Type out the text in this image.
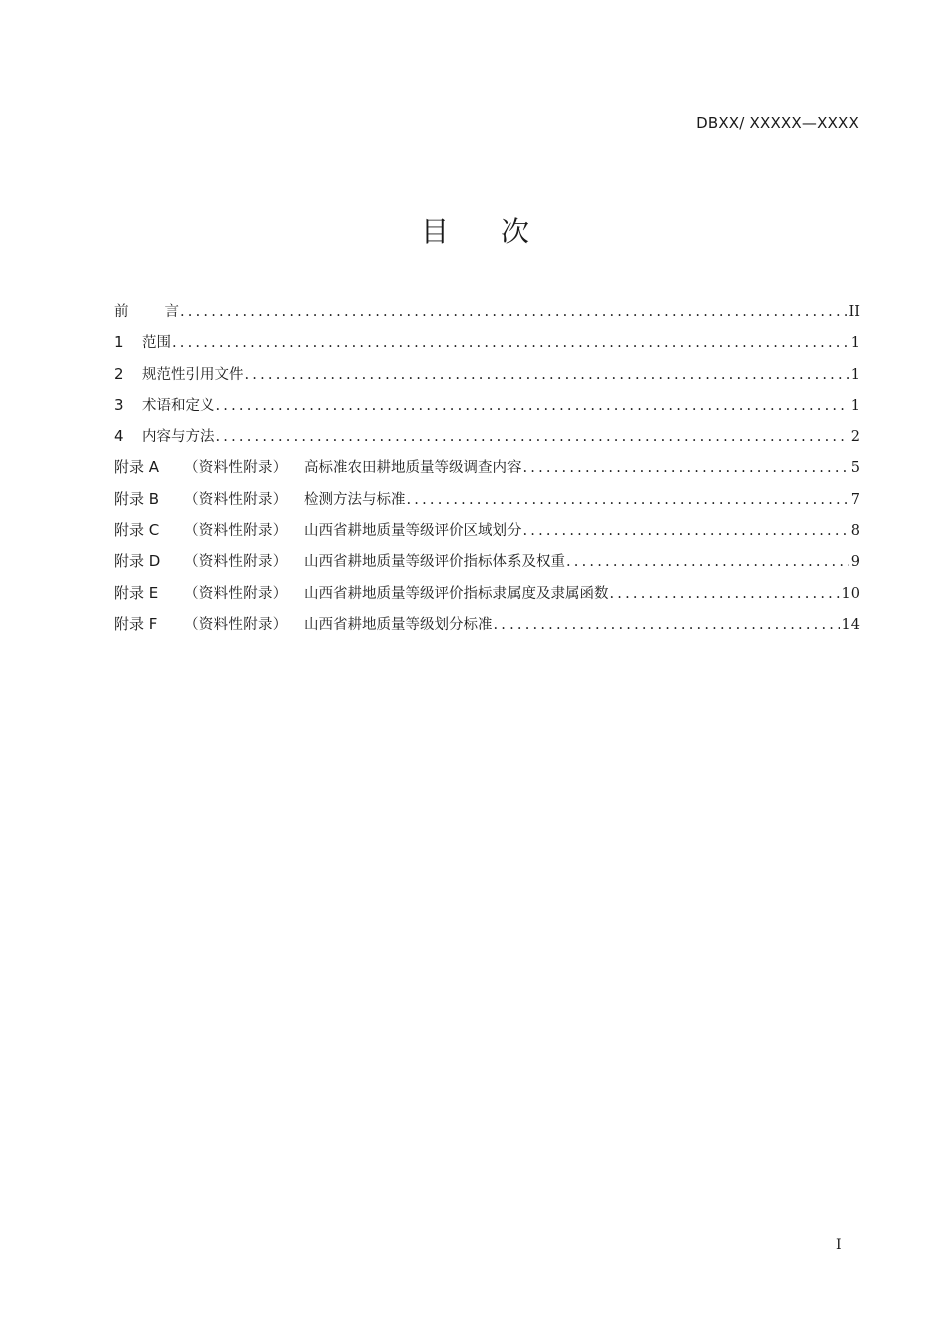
DBXX/ XXXXX—XXXX
目 次
前 言 .....	II
1	范围 .....	1
2	规范性引用文件 .....	1
3	术语和定义 .....	1
4	内容与方法 .....	2
附录 A	（资料性附录）	高标准农田耕地质量等级调查内容 .....	5
附录 B	（资料性附录）	检测方法与标准 .....	7
附录 C	（资料性附录）	山西省耕地质量等级评价区域划分 .....	8
附录 D	（资料性附录）	山西省耕地质量等级评价指标体系及权重 .....	9
附录 E	（资料性附录）	山西省耕地质量等级评价指标隶属度及隶属函数 .....	10
附录 F	（资料性附录）	山西省耕地质量等级划分标准 .....	14
I
